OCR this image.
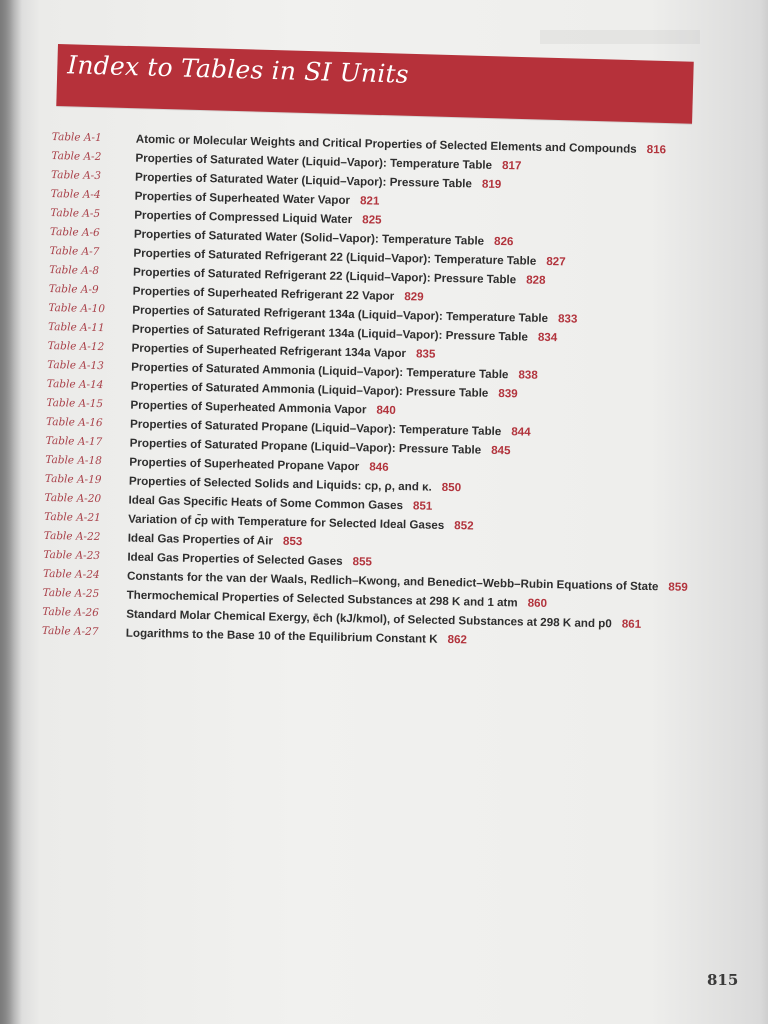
Index to Tables in SI Units
Table A-1	Atomic or Molecular Weights and Critical Properties of Selected Elements and Compounds 816
Table A-2	Properties of Saturated Water (Liquid–Vapor): Temperature Table 817
Table A-3	Properties of Saturated Water (Liquid–Vapor): Pressure Table 819
Table A-4	Properties of Superheated Water Vapor 821
Table A-5	Properties of Compressed Liquid Water 825
Table A-6	Properties of Saturated Water (Solid–Vapor): Temperature Table 826
Table A-7	Properties of Saturated Refrigerant 22 (Liquid–Vapor): Temperature Table 827
Table A-8	Properties of Saturated Refrigerant 22 (Liquid–Vapor): Pressure Table 828
Table A-9	Properties of Superheated Refrigerant 22 Vapor 829
Table A-10 Properties of Saturated Refrigerant 134a (Liquid–Vapor): Temperature Table 833
Table A-11 Properties of Saturated Refrigerant 134a (Liquid–Vapor): Pressure Table 834
Table A-12 Properties of Superheated Refrigerant 134a Vapor 835
Table A-13 Properties of Saturated Ammonia (Liquid–Vapor): Temperature Table 838
Table A-14 Properties of Saturated Ammonia (Liquid–Vapor): Pressure Table 839
Table A-15 Properties of Superheated Ammonia Vapor 840
Table A-16 Properties of Saturated Propane (Liquid–Vapor): Temperature Table 844
Table A-17 Properties of Saturated Propane (Liquid–Vapor): Pressure Table 845
Table A-18 Properties of Superheated Propane Vapor 846
Table A-19 Properties of Selected Solids and Liquids: cp, ρ, and κ. 850
Table A-20 Ideal Gas Specific Heats of Some Common Gases 851
Table A-21 Variation of c̄p with Temperature for Selected Ideal Gases 852
Table A-22 Ideal Gas Properties of Air 853
Table A-23 Ideal Gas Properties of Selected Gases 855
Table A-24 Constants for the van der Waals, Redlich–Kwong, and Benedict–Webb–Rubin Equations of State 859
Table A-25 Thermochemical Properties of Selected Substances at 298 K and 1 atm 860
Table A-26 Standard Molar Chemical Exergy, ēch (kJ/kmol), of Selected Substances at 298 K and p0 861
Table A-27 Logarithms to the Base 10 of the Equilibrium Constant K 862
815
